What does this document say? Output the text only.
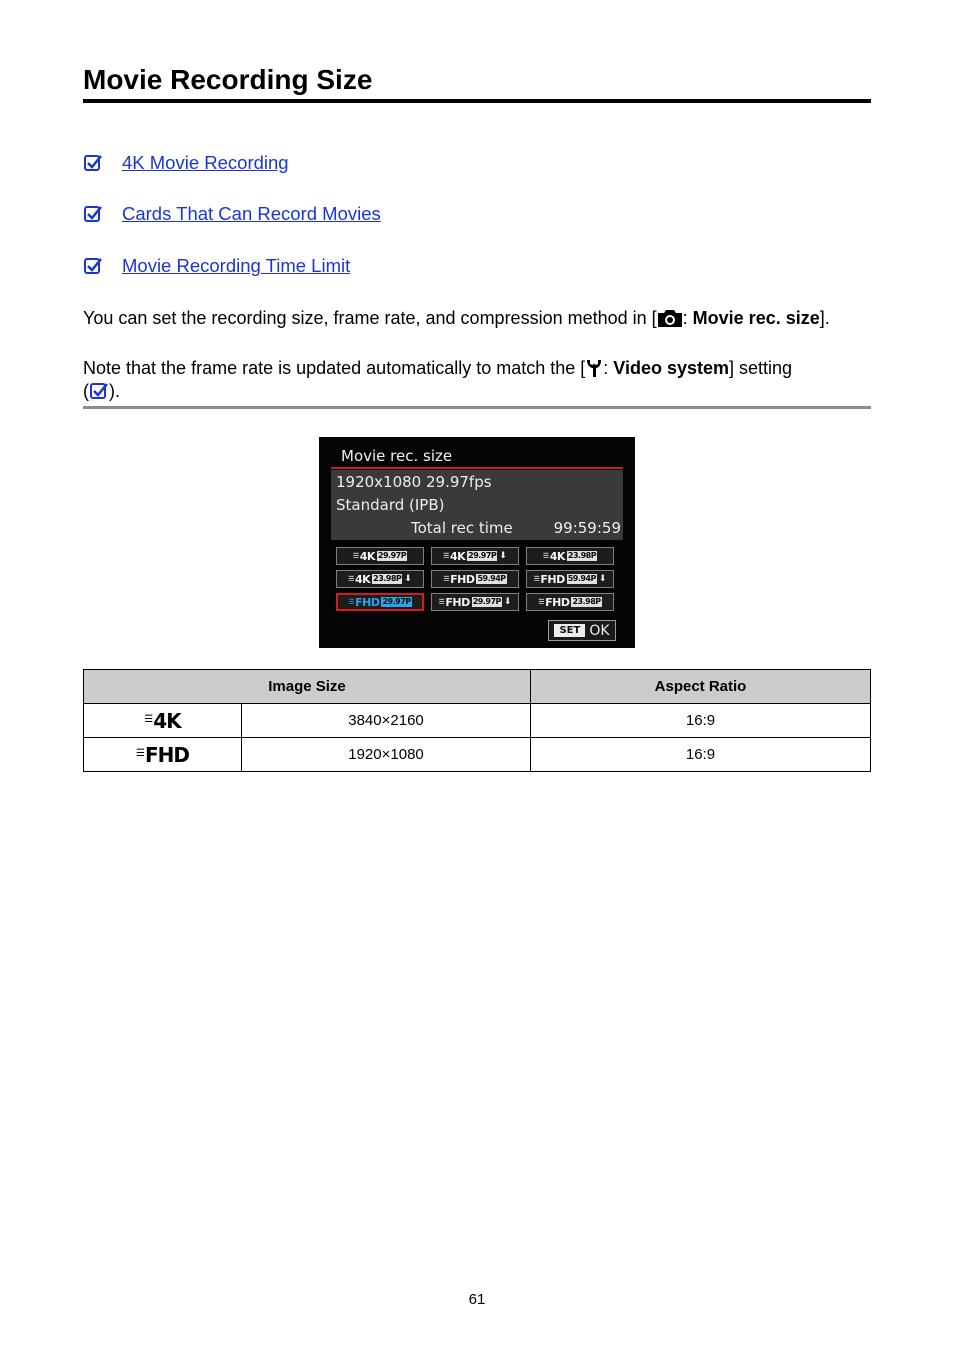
Movie Recording Size
4K Movie Recording
Cards That Can Record Movies
Movie Recording Time Limit
You can set the recording size, frame rate, and compression method in [ : Movie rec. size].
Note that the frame rate is updated automatically to match the [ : Video system] setting
( ).
Movie rec. size
1920x1080 29.97fps
Standard (IPB)
Total rec time	99:59:59
☰4K 29.97P	☰4K 29.97P ⬇	☰4K 23.98P
☰4K 23.98P ⬇	☰FHD 59.94P	☰FHD 59.94P ⬇
☰FHD 29.97P	☰FHD 29.97P ⬇	☰FHD 23.98P
SET OK
Image Size		Aspect Ratio
☰4K	3840×2160	16:9
☰FHD	1920×1080	16:9
61
